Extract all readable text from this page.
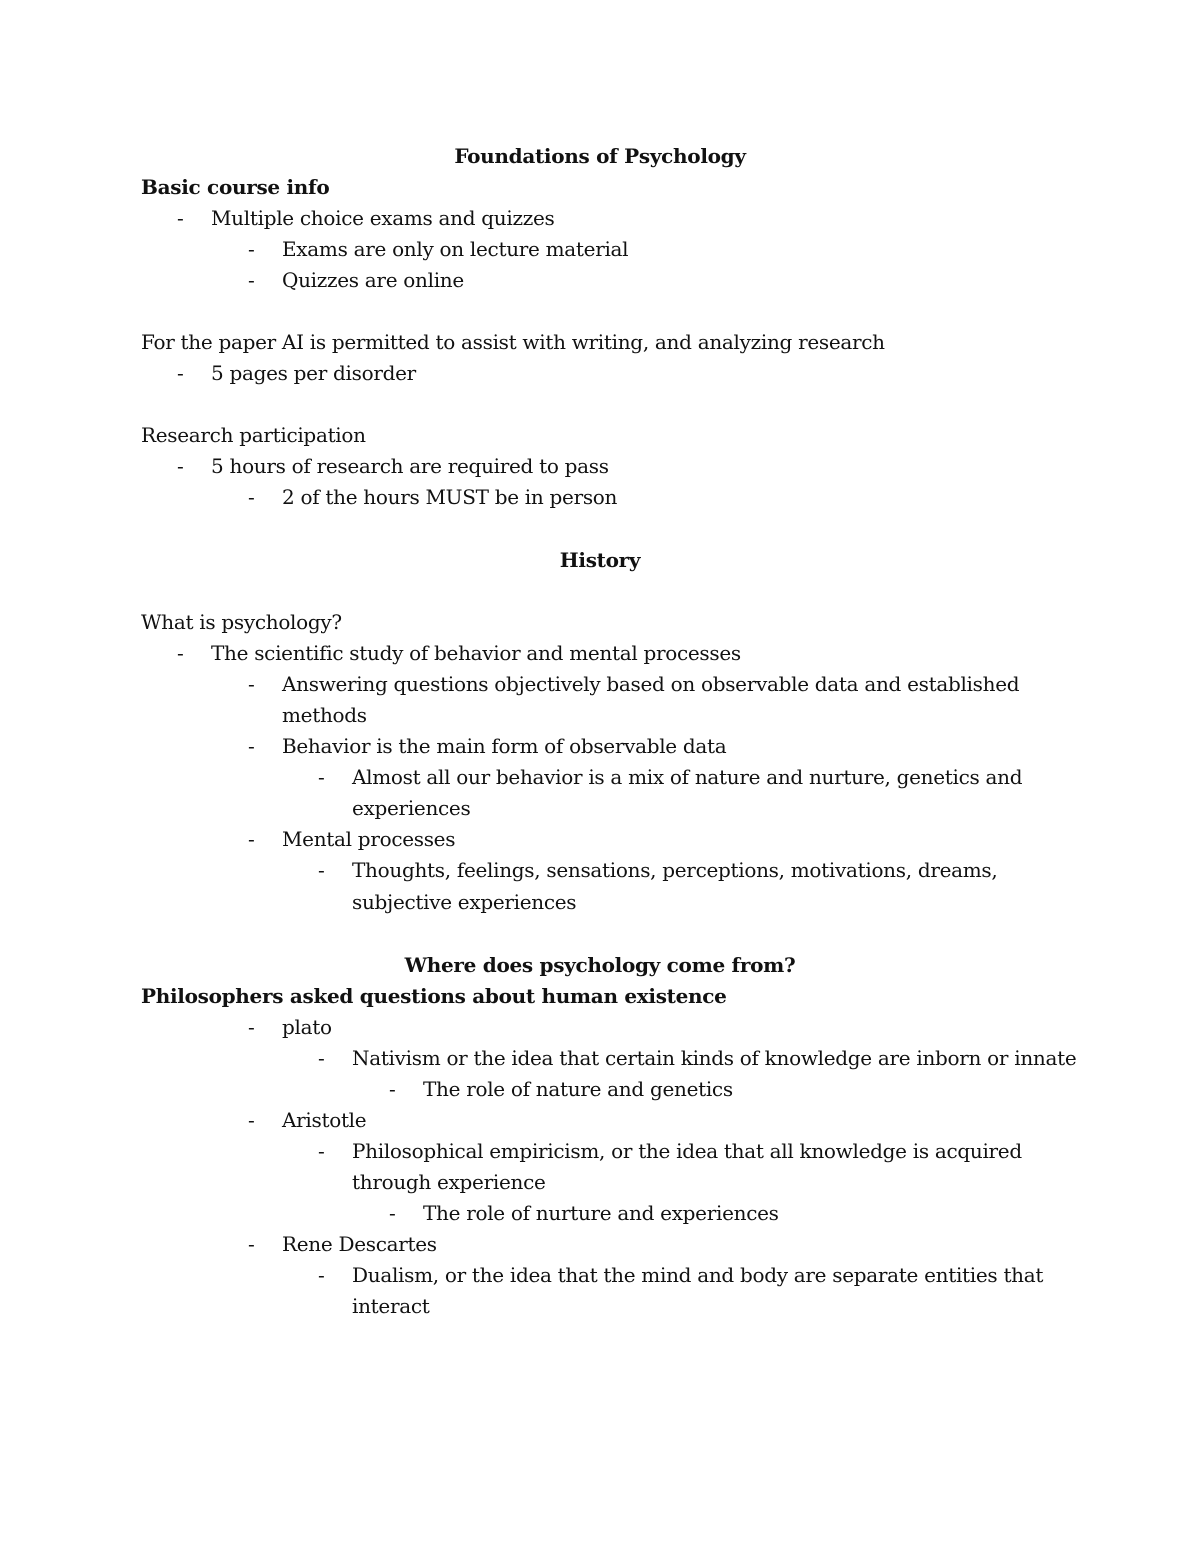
Foundations of Psychology
Basic course info
- Multiple choice exams and quizzes
- Exams are only on lecture material
- Quizzes are online
For the paper AI is permitted to assist with writing, and analyzing research
- 5 pages per disorder
Research participation
- 5 hours of research are required to pass
- 2 of the hours MUST be in person
History
What is psychology?
- The scientific study of behavior and mental processes
- Answering questions objectively based on observable data and established
methods
- Behavior is the main form of observable data
- Almost all our behavior is a mix of nature and nurture, genetics and
experiences
- Mental processes
- Thoughts, feelings, sensations, perceptions, motivations, dreams,
subjective experiences
Where does psychology come from?
Philosophers asked questions about human existence
- plato
- Nativism or the idea that certain kinds of knowledge are inborn or innate
- The role of nature and genetics
- Aristotle
- Philosophical empiricism, or the idea that all knowledge is acquired
through experience
- The role of nurture and experiences
- Rene Descartes
- Dualism, or the idea that the mind and body are separate entities that
interact
